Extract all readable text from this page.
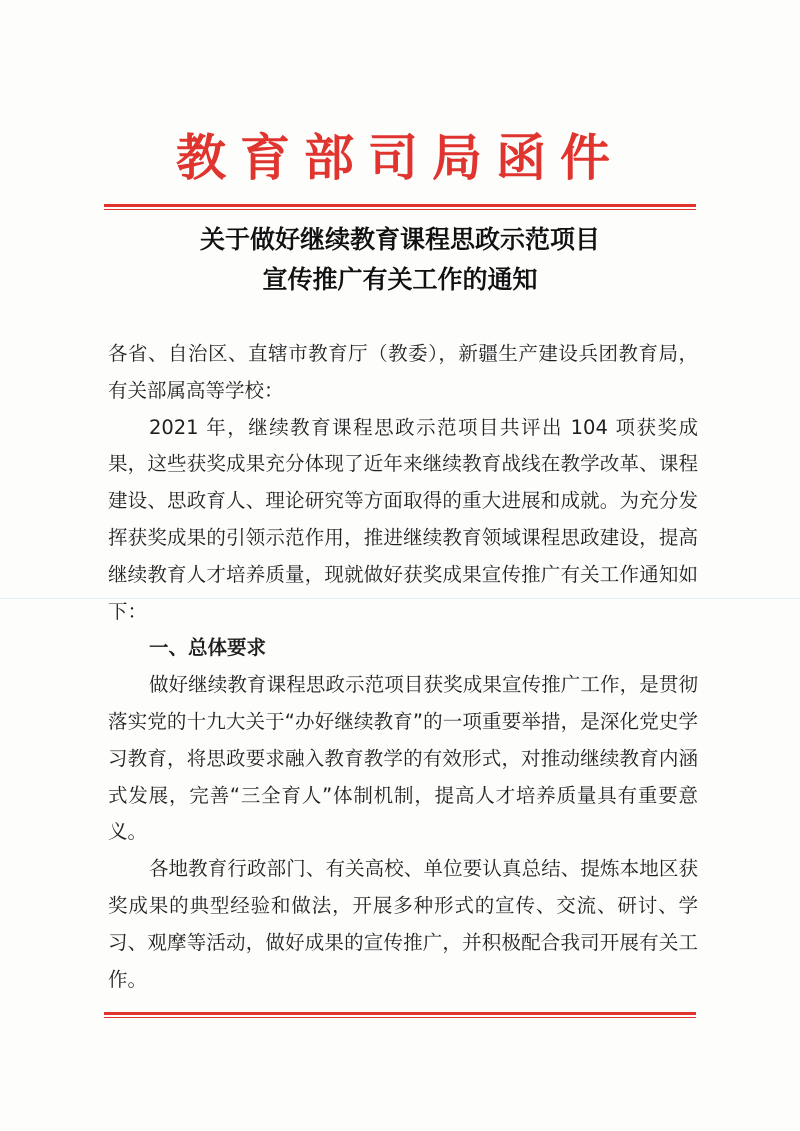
教育部司局函件
关于做好继续教育课程思政示范项目
宣传推广有关工作的通知

各省、自治区、直辖市教育厅（教委），新疆生产建设兵团教育局，有关部属高等学校：

2021 年，继续教育课程思政示范项目共评出 104 项获奖成果，这些获奖成果充分体现了近年来继续教育战线在教学改革、课程建设、思政育人、理论研究等方面取得的重大进展和成就。为充分发挥获奖成果的引领示范作用，推进继续教育领域课程思政建设，提高继续教育人才培养质量，现就做好获奖成果宣传推广有关工作通知如下：

一、总体要求

做好继续教育课程思政示范项目获奖成果宣传推广工作，是贯彻落实党的十九大关于“办好继续教育”的一项重要举措，是深化党史学习教育，将思政要求融入教育教学的有效形式，对推动继续教育内涵式发展，完善“三全育人”体制机制，提高人才培养质量具有重要意义。

各地教育行政部门、有关高校、单位要认真总结、提炼本地区获奖成果的典型经验和做法，开展多种形式的宣传、交流、研讨、学习、观摩等活动，做好成果的宣传推广，并积极配合我司开展有关工作。
